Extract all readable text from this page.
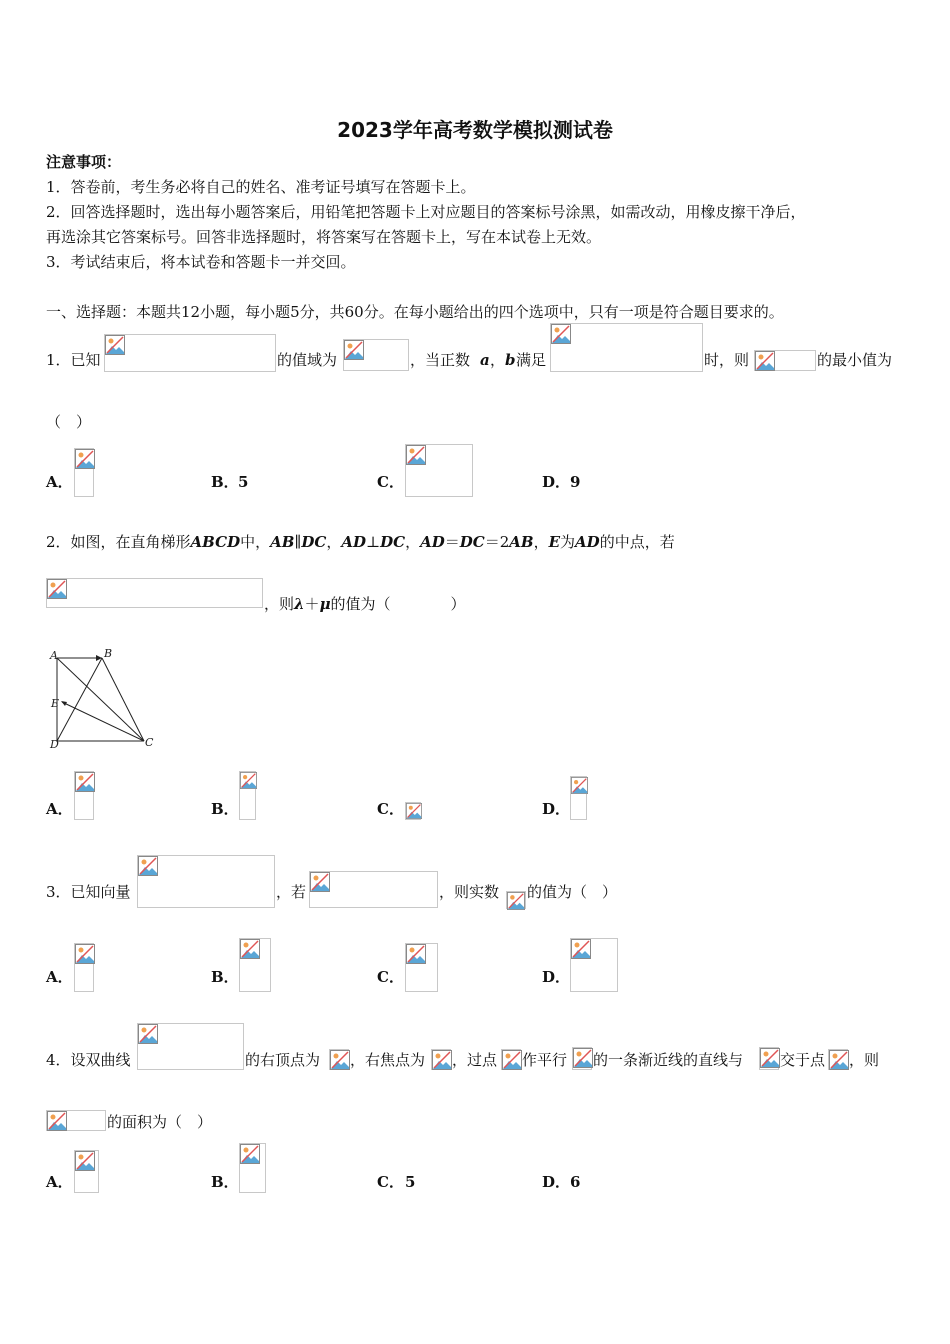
2023学年高考数学模拟测试卷
注意事项：
1．答卷前，考生务必将自己的姓名、准考证号填写在答题卡上。
2．回答选择题时，选出每小题答案后，用铅笔把答题卡上对应题目的答案标号涂黑，如需改动，用橡皮擦干净后，
再选涂其它答案标号。回答非选择题时，将答案写在答题卡上，写在本试卷上无效。
3．考试结束后，将本试卷和答题卡一并交回。
一、选择题：本题共12小题，每小题5分，共60分。在每小题给出的四个选项中，只有一项是符合题目要求的。
1．已知	的值域为	，当正数 a ， b 满足	时，则	的最小值为
（　）
A．	B． 5	C．	D． 9
2．如图，在直角梯形ABCD中，AB∥DC，AD⊥DC，AD＝DC＝2AB，E为AD的中点，若
，则λ＋μ的值为（　　　　）
A	B
C
D
E
A．	B．	C．	D．
3．已知向量	，若	，则实数 的值为（　）
A．	B．	C．	D．
4．设双曲线	的右顶点为 ，右焦点为 ，过点 作平行 的一条渐近线的直线与 交于点 ，则
的面积为（　）
A．	B．	C． 5	D． 6
